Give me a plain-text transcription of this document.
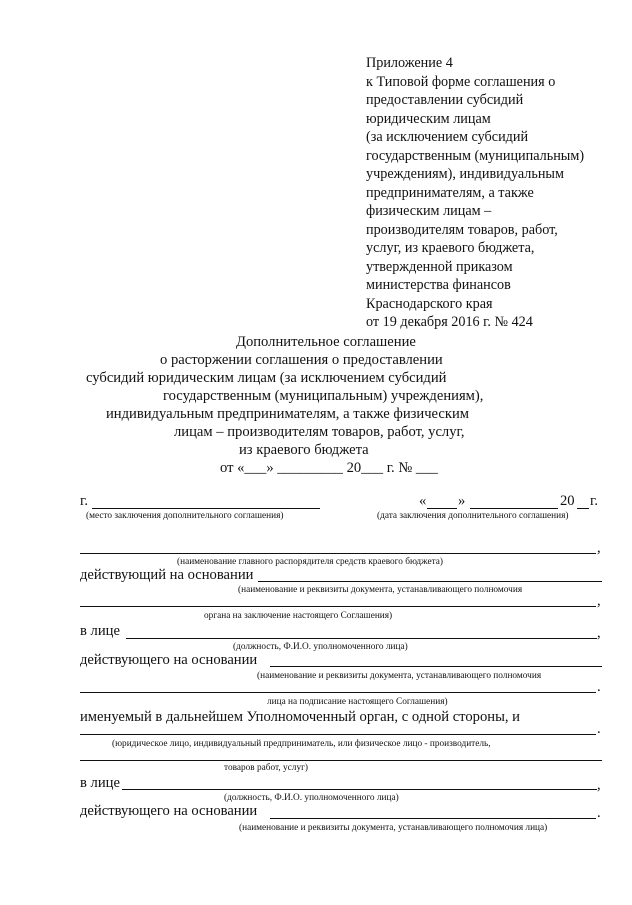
Приложение 4
к Типовой форме соглашения о
предоставлении субсидий
юридическим лицам
(за исключением субсидий
государственным (муниципальным)
учреждениям), индивидуальным
предпринимателям, а также
физическим лицам –
производителям товаров, работ,
услуг, из краевого бюджета,
утвержденной приказом
министерства финансов
Краснодарского края
от 19 декабря 2016 г. № 424
Дополнительное соглашение
о расторжении соглашения о предоставлении
субсидий юридическим лицам (за исключением субсидий
государственным (муниципальным) учреждениям),
индивидуальным предпринимателям, а также физическим
лицам – производителям товаров, работ, услуг,
из краевого бюджета
от «___» _________ 20___ г. № ___
г.
(место заключения дополнительного соглашения)
« »	20 г.
(дата заключения дополнительного соглашения)
,
(наименование главного распорядителя средств краевого бюджета)
действующий на основании
(наименование и реквизиты документа, устанавливающего полномочия
,
органа на заключение настоящего Соглашения)
в лице	,
(должность, Ф.И.О. уполномоченного лица)
действующего на основании
(наименование и реквизиты документа, устанавливающего полномочия
.
лица на подписание настоящего Соглашения)
именуемый в дальнейшем Уполномоченный орган, с одной стороны, и
.
(юридическое лицо, индивидуальный предприниматель, или физическое лицо - производитель,
товаров работ, услуг)
в лице	,
(должность, Ф.И.О. уполномоченного лица)
действующего на основании	.
(наименование и реквизиты документа, устанавливающего полномочия лица)
